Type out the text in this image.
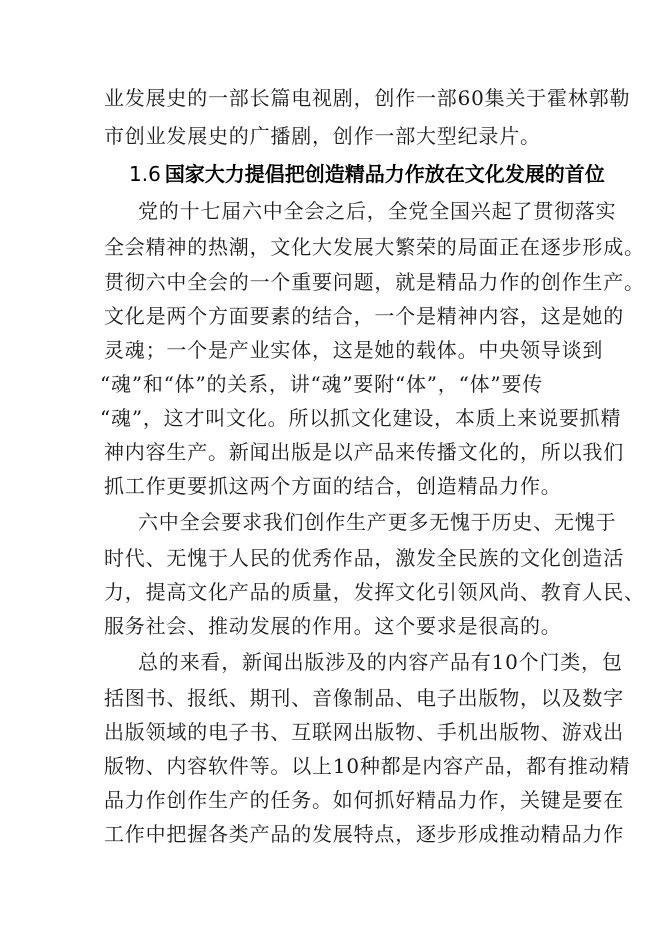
业发展史的一部长篇电视剧，创作一部60集关于霍林郭勒
市创业发展史的广播剧，创作一部大型纪录片。
1.6 国家大力提倡把创造精品力作放在文化发展的首位
党的十七届六中全会之后，全党全国兴起了贯彻落实
全会精神的热潮，文化大发展大繁荣的局面正在逐步形成。
贯彻六中全会的一个重要问题，就是精品力作的创作生产。
文化是两个方面要素的结合，一个是精神内容，这是她的
灵魂；一个是产业实体，这是她的载体。中央领导谈到
“魂”和“体”的关系，讲“魂”要附“体”，“体”要传
“魂”，这才叫文化。所以抓文化建设，本质上来说要抓精
神内容生产。新闻出版是以产品来传播文化的，所以我们
抓工作更要抓这两个方面的结合，创造精品力作。
六中全会要求我们创作生产更多无愧于历史、无愧于
时代、无愧于人民的优秀作品，激发全民族的文化创造活
力，提高文化产品的质量，发挥文化引领风尚、教育人民、
服务社会、推动发展的作用。这个要求是很高的。
总的来看，新闻出版涉及的内容产品有10个门类，包
括图书、报纸、期刊、音像制品、电子出版物，以及数字
出版领域的电子书、互联网出版物、手机出版物、游戏出
版物、内容软件等。以上10种都是内容产品，都有推动精
品力作创作生产的任务。如何抓好精品力作，关键是要在
工作中把握各类产品的发展特点，逐步形成推动精品力作
